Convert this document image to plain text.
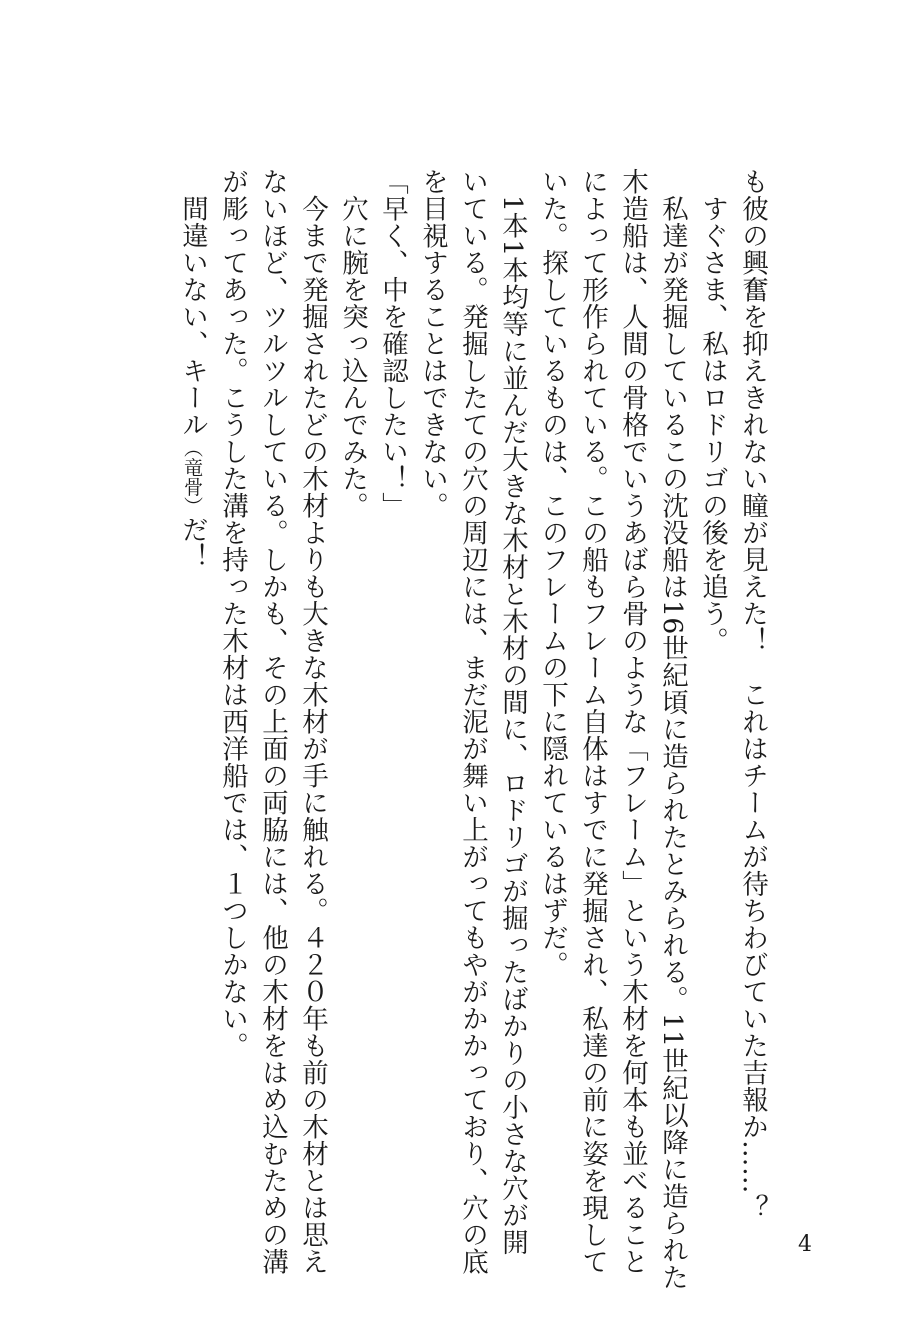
も彼の興奮を抑えきれない瞳が見えた！　これはチームが待ちわびていた吉報か……？
すぐさま、私はロドリゴの後を追う。
私達が発掘しているこの沈没船は16世紀頃に造られたとみられる。11世紀以降に造られた
木造船は、人間の骨格でいうあばら骨のような「フレーム」という木材を何本も並べること
によって形作られている。この船もフレーム自体はすでに発掘され、私達の前に姿を現して
いた。探しているものは、このフレームの下に隠れているはずだ。
1本1本均等に並んだ大きな木材と木材の間に、ロドリゴが掘ったばかりの小さな穴が開
いている。発掘したての穴の周辺には、まだ泥が舞い上がってもやがかかっており、穴の底
を目視することはできない。
「早く、中を確認したい！」
穴に腕を突っ込んでみた。
今まで発掘されたどの木材よりも大きな木材が手に触れる。４２０年も前の木材とは思え
ないほど、ツルツルしている。しかも、その上面の両脇には、他の木材をはめ込むための溝
が彫ってあった。こうした溝を持った木材は西洋船では、１つしかない。
間違いない、キール（竜骨）だ！
4
